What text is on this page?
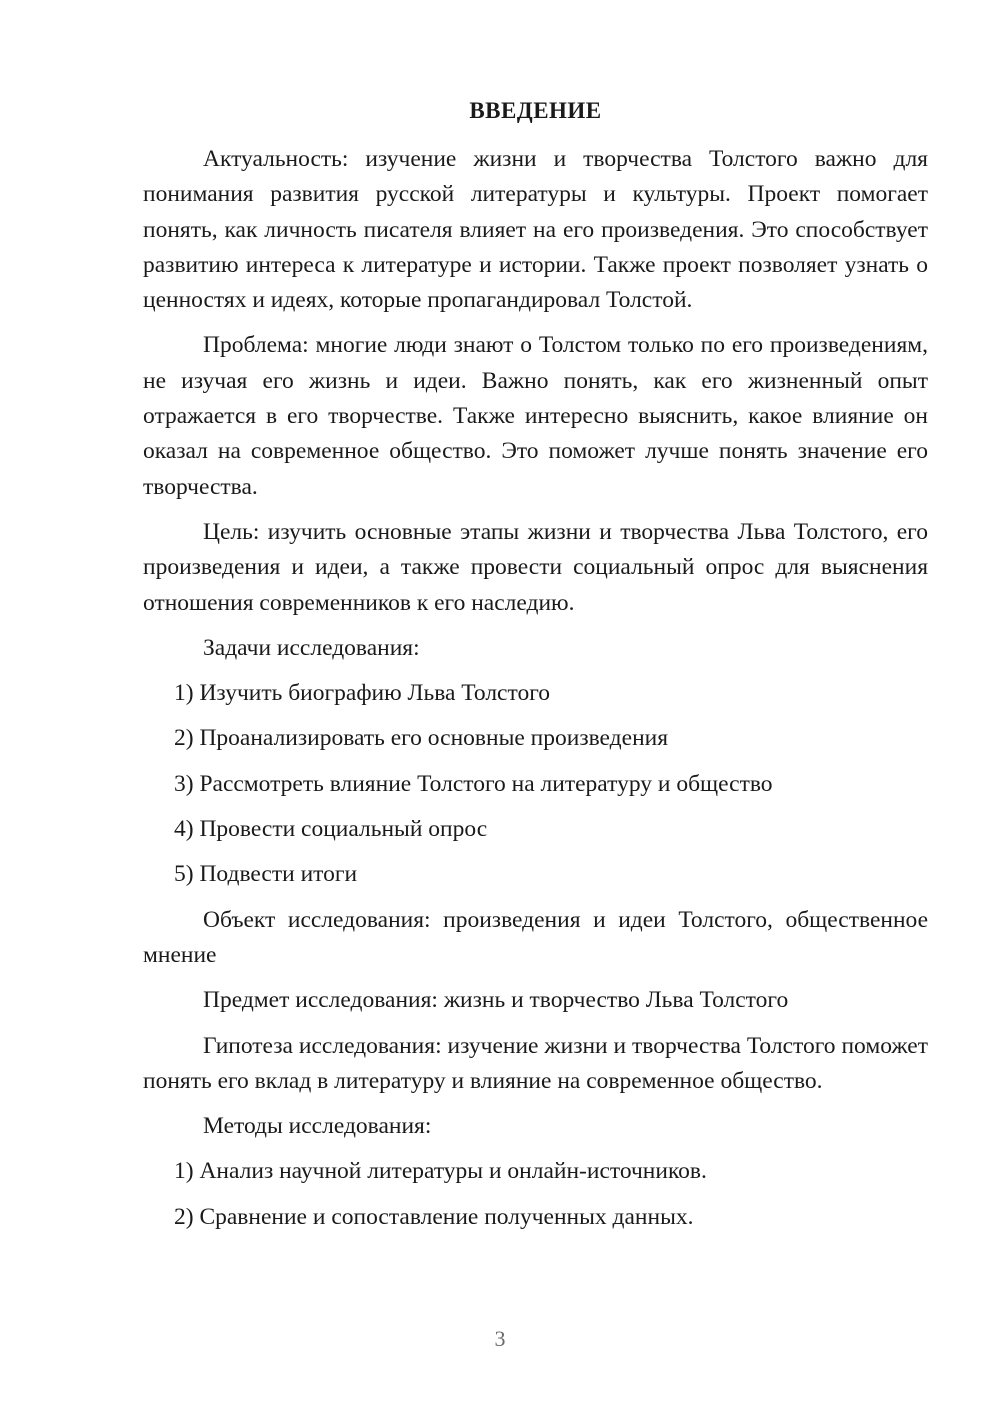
ВВЕДЕНИЕ

Актуальность: изучение жизни и творчества Толстого важно для понимания развития русской литературы и культуры. Проект помогает понять, как личность писателя влияет на его произведения. Это способствует развитию интереса к литературе и истории. Также проект позволяет узнать о ценностях и идеях, которые пропагандировал Толстой.

Проблема: многие люди знают о Толстом только по его произведениям, не изучая его жизнь и идеи. Важно понять, как его жизненный опыт отражается в его творчестве. Также интересно выяснить, какое влияние он оказал на современное общество. Это поможет лучше понять значение его творчества.

Цель: изучить основные этапы жизни и творчества Льва Толстого, его произведения и идеи, а также провести социальный опрос для выяснения отношения современников к его наследию.

Задачи исследования:

1) Изучить биографию Льва Толстого

2) Проанализировать его основные произведения

3) Рассмотреть влияние Толстого на литературу и общество

4) Провести социальный опрос

5) Подвести итоги

Объект исследования: произведения и идеи Толстого, общественное мнение

Предмет исследования: жизнь и творчество Льва Толстого

Гипотеза исследования: изучение жизни и творчества Толстого поможет понять его вклад в литературу и влияние на современное общество.

Методы исследования:

1) Анализ научной литературы и онлайн-источников.

2) Сравнение и сопоставление полученных данных.

3
